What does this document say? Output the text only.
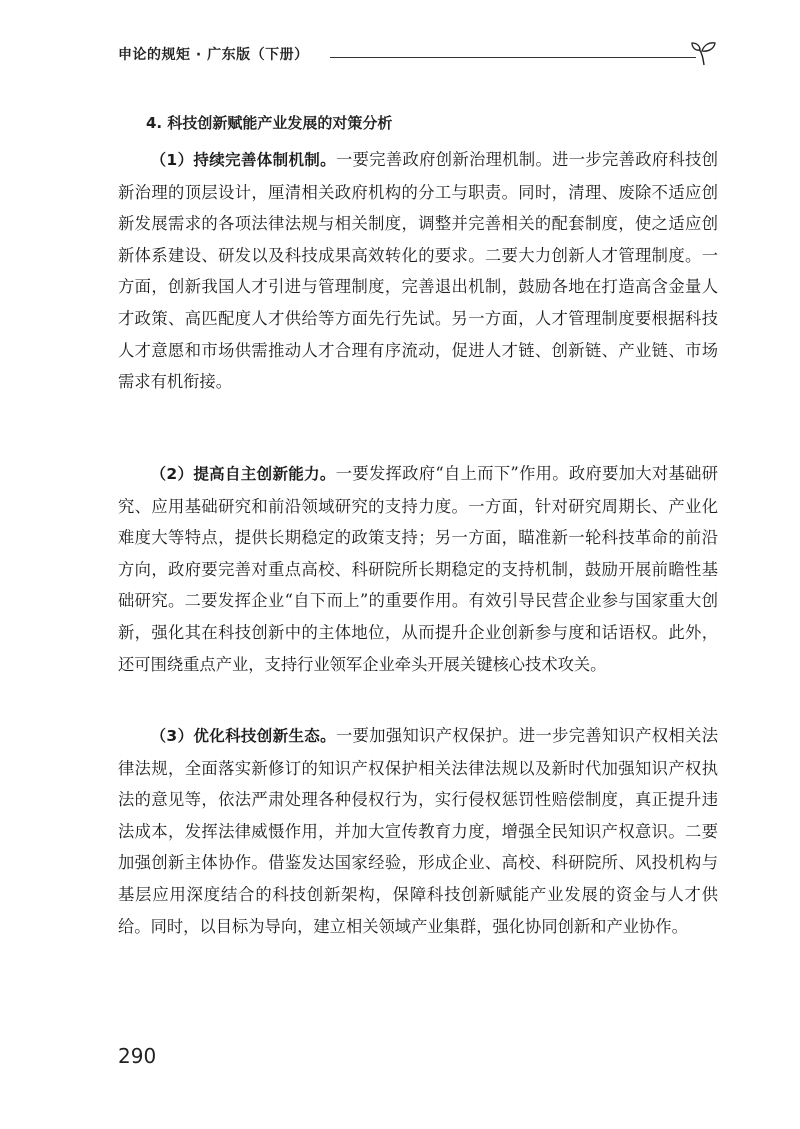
申论的规矩 · 广东版（下册）
4. 科技创新赋能产业发展的对策分析

（1）持续完善体制机制。一要完善政府创新治理机制。进一步完善政府科技创新治理的顶层设计，厘清相关政府机构的分工与职责。同时，清理、废除不适应创新发展需求的各项法律法规与相关制度，调整并完善相关的配套制度，使之适应创新体系建设、研发以及科技成果高效转化的要求。二要大力创新人才管理制度。一方面，创新我国人才引进与管理制度，完善退出机制，鼓励各地在打造高含金量人才政策、高匹配度人才供给等方面先行先试。另一方面，人才管理制度要根据科技人才意愿和市场供需推动人才合理有序流动，促进人才链、创新链、产业链、市场需求有机衔接。

（2）提高自主创新能力。一要发挥政府“自上而下”作用。政府要加大对基础研究、应用基础研究和前沿领域研究的支持力度。一方面，针对研究周期长、产业化难度大等特点，提供长期稳定的政策支持；另一方面，瞄准新一轮科技革命的前沿方向，政府要完善对重点高校、科研院所长期稳定的支持机制，鼓励开展前瞻性基础研究。二要发挥企业“自下而上”的重要作用。有效引导民营企业参与国家重大创新，强化其在科技创新中的主体地位，从而提升企业创新参与度和话语权。此外，还可围绕重点产业，支持行业领军企业牵头开展关键核心技术攻关。

（3）优化科技创新生态。一要加强知识产权保护。进一步完善知识产权相关法律法规，全面落实新修订的知识产权保护相关法律法规以及新时代加强知识产权执法的意见等，依法严肃处理各种侵权行为，实行侵权惩罚性赔偿制度，真正提升违法成本，发挥法律威慑作用，并加大宣传教育力度，增强全民知识产权意识。二要加强创新主体协作。借鉴发达国家经验，形成企业、高校、科研院所、风投机构与基层应用深度结合的科技创新架构，保障科技创新赋能产业发展的资金与人才供给。同时，以目标为导向，建立相关领域产业集群，强化协同创新和产业协作。

290
